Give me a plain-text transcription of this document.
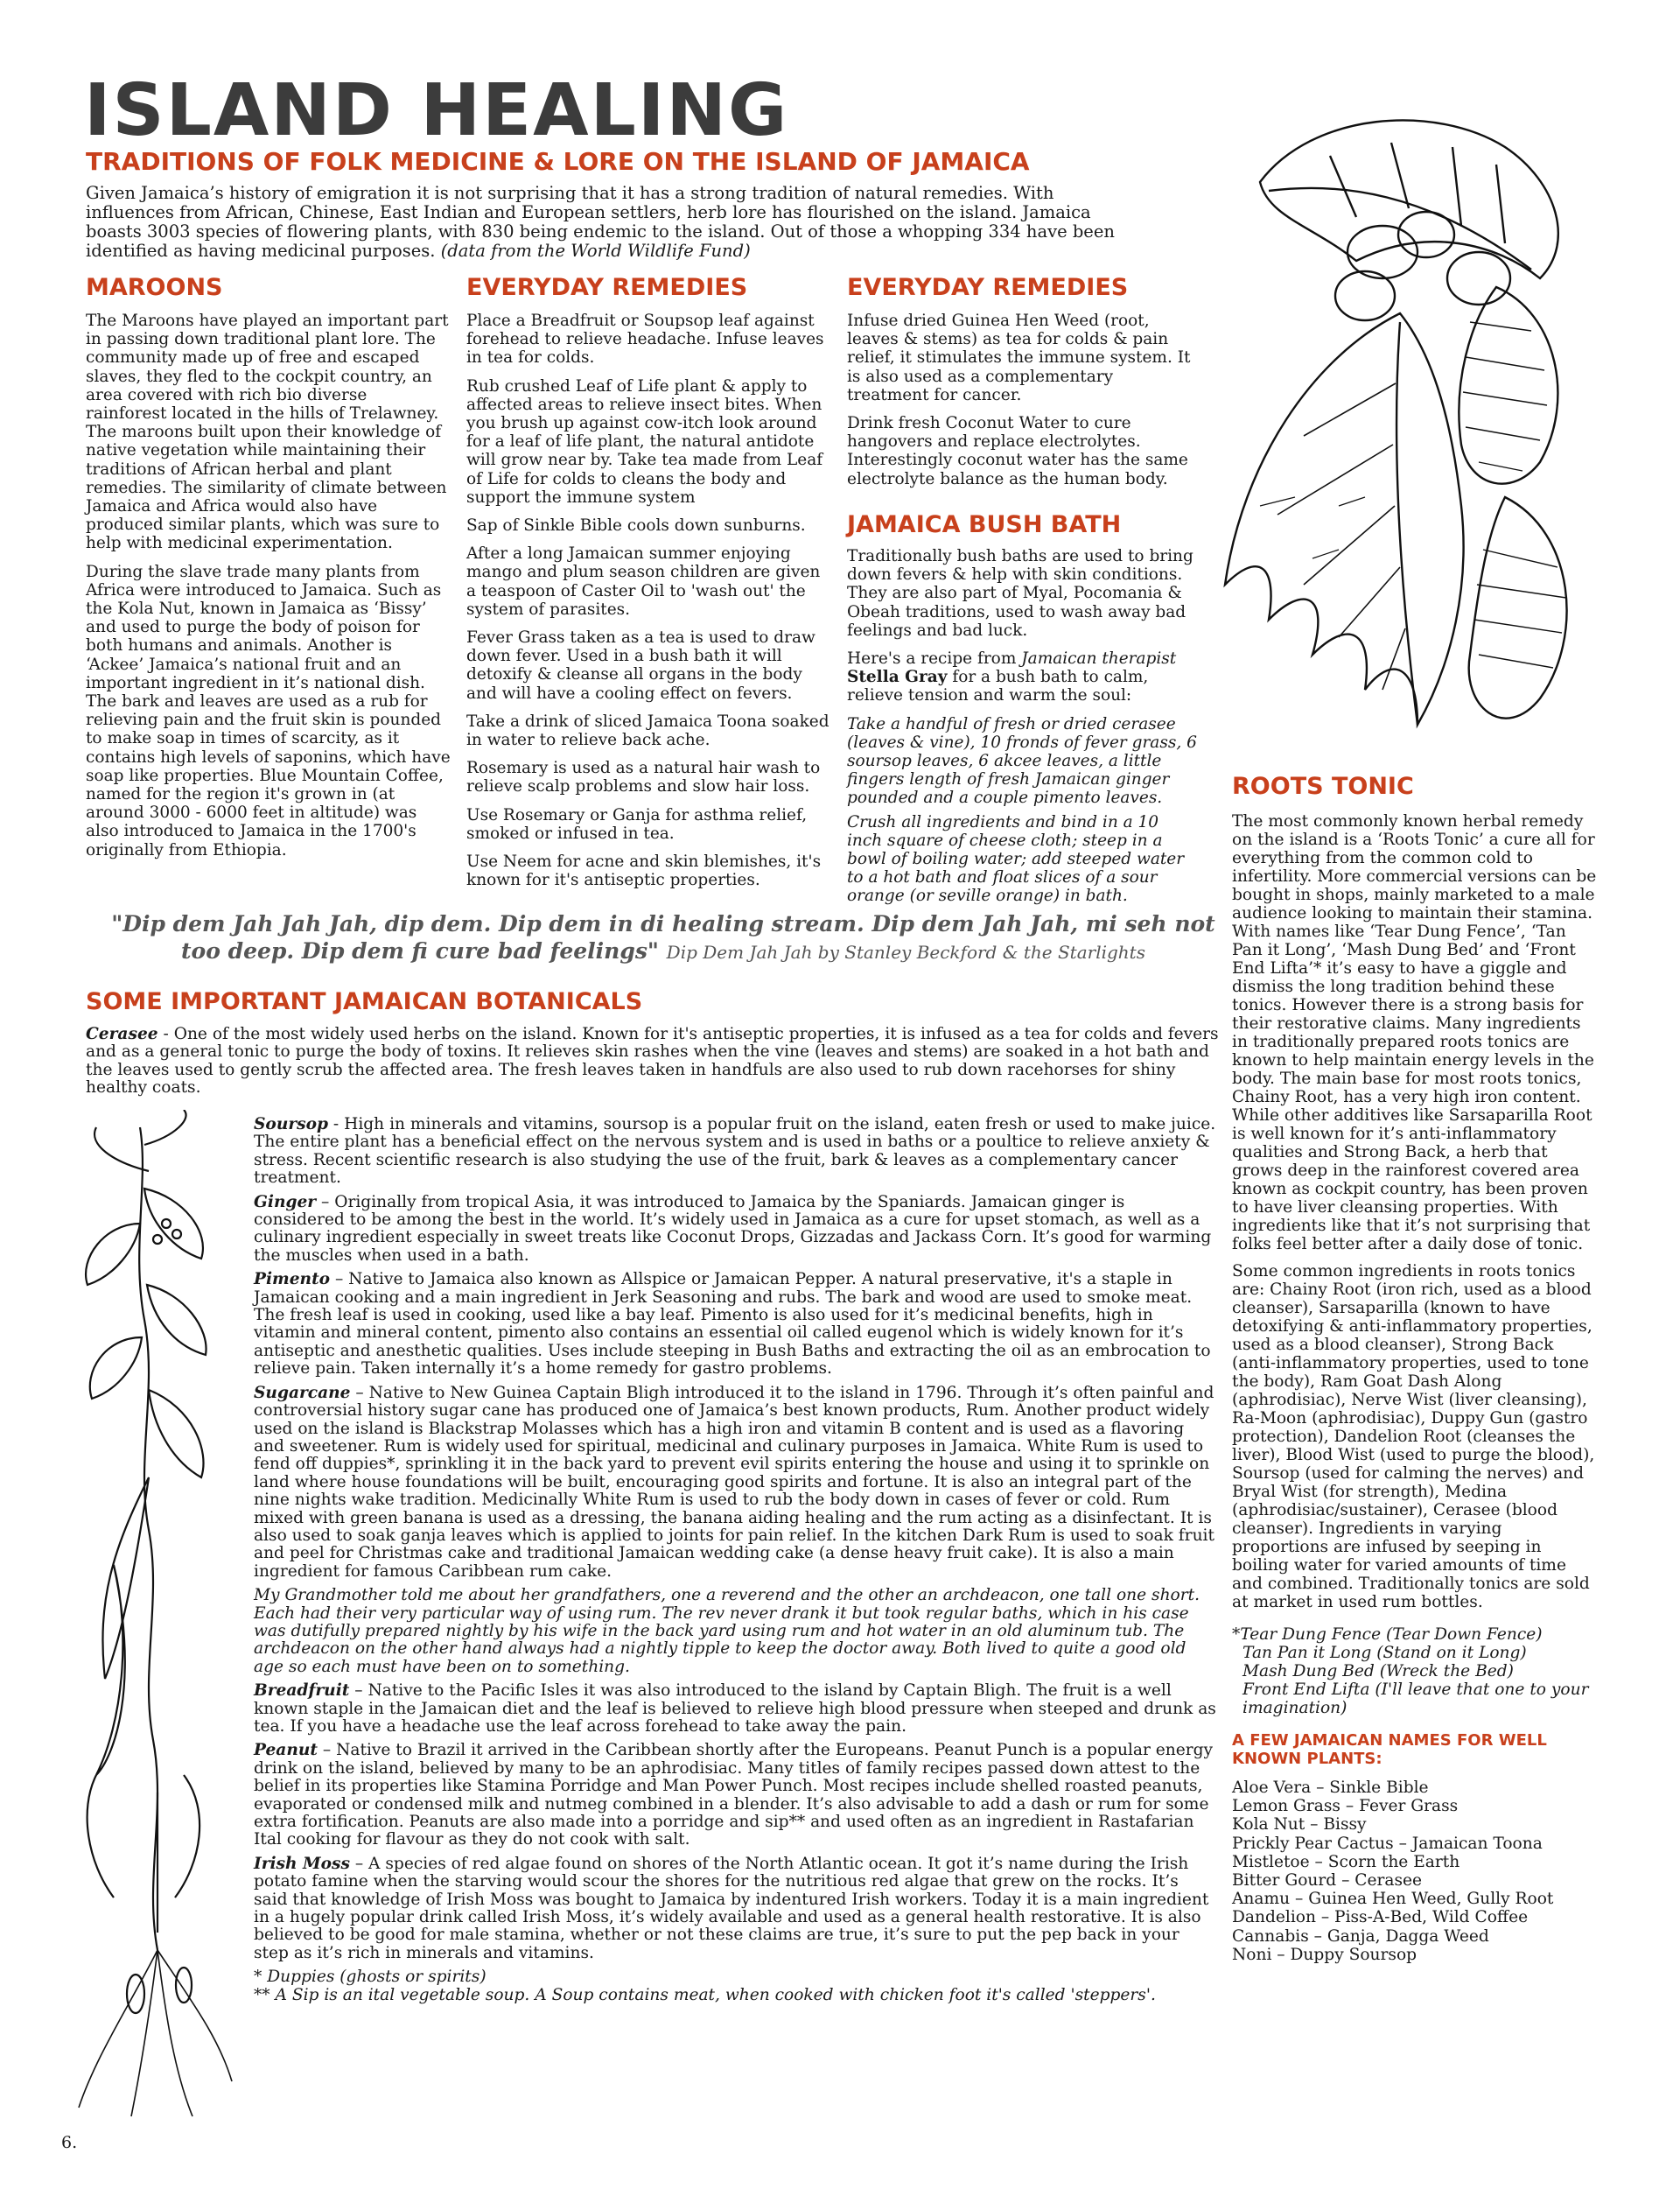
ISLAND HEALING
TRADITIONS OF FOLK MEDICINE & LORE ON THE ISLAND OF JAMAICA
Given Jamaica’s history of emigration it is not surprising that it has a strong tradition of natural remedies. With influences from African, Chinese, East Indian and European settlers, herb lore has flourished on the island. Jamaica boasts 3003 species of flowering plants, with 830 being endemic to the island. Out of those a whopping 334 have been identified as having medicinal purposes. (data from the World Wildlife Fund)
MAROONS

The Maroons have played an important part in passing down traditional plant lore. The community made up of free and escaped slaves, they fled to the cockpit country, an area covered with rich bio diverse rainforest located in the hills of Trelawney. The maroons built upon their knowledge of native vegetation while maintaining their traditions of African herbal and plant remedies. The similarity of climate between Jamaica and Africa would also have produced similar plants, which was sure to help with medicinal experimentation.

During the slave trade many plants from Africa were introduced to Jamaica. Such as the Kola Nut, known in Jamaica as ‘Bissy’ and used to purge the body of poison for both humans and animals. Another is ‘Ackee’ Jamaica’s national fruit and an important ingredient in it’s national dish. The bark and leaves are used as a rub for relieving pain and the fruit skin is pounded to make soap in times of scarcity, as it contains high levels of saponins, which have soap like properties. Blue Mountain Coffee, named for the region it's grown in (at around 3000 - 6000 feet in altitude) was also introduced to Jamaica in the 1700's originally from Ethiopia.

EVERYDAY REMEDIES

Place a Breadfruit or Soupsop leaf against forehead to relieve headache. Infuse leaves in tea for colds.

Rub crushed Leaf of Life plant & apply to affected areas to relieve insect bites. When you brush up against cow-itch look around for a leaf of life plant, the natural antidote will grow near by. Take tea made from Leaf of Life for colds to cleans the body and support the immune system

Sap of Sinkle Bible cools down sunburns.

After a long Jamaican summer enjoying mango and plum season children are given a teaspoon of Caster Oil to 'wash out' the system of parasites.

Fever Grass taken as a tea is used to draw down fever. Used in a bush bath it will detoxify & cleanse all organs in the body and will have a cooling effect on fevers.

Take a drink of sliced Jamaica Toona soaked in water to relieve back ache.

Rosemary is used as a natural hair wash to relieve scalp problems and slow hair loss.

Use Rosemary or Ganja for asthma relief, smoked or infused in tea.

Use Neem for acne and skin blemishes, it's known for it's antiseptic properties.

EVERYDAY REMEDIES

Infuse dried Guinea Hen Weed (root, leaves & stems) as tea for colds & pain relief, it stimulates the immune system. It is also used as a complementary treatment for cancer.

Drink fresh Coconut Water to cure hangovers and replace electrolytes. Interestingly coconut water has the same electrolyte balance as the human body.

JAMAICA BUSH BATH

Traditionally bush baths are used to bring down fevers & help with skin conditions. They are also part of Myal, Pocomania & Obeah traditions, used to wash away bad feelings and bad luck.

Here's a recipe from Jamaican therapist Stella Gray for a bush bath to calm, relieve tension and warm the soul:

Take a handful of fresh or dried cerasee (leaves & vine), 10 fronds of fever grass, 6 soursop leaves, 6 akcee leaves, a little fingers length of fresh Jamaican ginger pounded and a couple pimento leaves.

Crush all ingredients and bind in a 10 inch square of cheese cloth; steep in a bowl of boiling water; add steeped water to a hot bath and float slices of a sour orange (or seville orange) in bath.

"Dip dem Jah Jah Jah, dip dem. Dip dem in di healing stream. Dip dem Jah Jah, mi seh not too deep. Dip dem fi cure bad feelings" Dip Dem Jah Jah by Stanley Beckford & the Starlights
SOME IMPORTANT JAMAICAN BOTANICALS
Cerasee - One of the most widely used herbs on the island. Known for it's antiseptic properties, it is infused as a tea for colds and fevers and as a general tonic to purge the body of toxins. It relieves skin rashes when the vine (leaves and stems) are soaked in a hot bath and the leaves used to gently scrub the affected area. The fresh leaves taken in handfuls are also used to rub down racehorses for shiny healthy coats.

Soursop - High in minerals and vitamins, soursop is a popular fruit on the island, eaten fresh or used to make juice. The entire plant has a beneficial effect on the nervous system and is used in baths or a poultice to relieve anxiety & stress. Recent scientific research is also studying the use of the fruit, bark & leaves as a complementary cancer treatment.

Ginger – Originally from tropical Asia, it was introduced to Jamaica by the Spaniards. Jamaican ginger is considered to be among the best in the world. It’s widely used in Jamaica as a cure for upset stomach, as well as a culinary ingredient especially in sweet treats like Coconut Drops, Gizzadas and Jackass Corn. It’s good for warming the muscles when used in a bath.

Pimento – Native to Jamaica also known as Allspice or Jamaican Pepper. A natural preservative, it's a staple in Jamaican cooking and a main ingredient in Jerk Seasoning and rubs. The bark and wood are used to smoke meat. The fresh leaf is used in cooking, used like a bay leaf. Pimento is also used for it’s medicinal benefits, high in vitamin and mineral content, pimento also contains an essential oil called eugenol which is widely known for it’s antiseptic and anesthetic qualities. Uses include steeping in Bush Baths and extracting the oil as an embrocation to relieve pain. Taken internally it’s a home remedy for gastro problems.

Sugarcane – Native to New Guinea Captain Bligh introduced it to the island in 1796. Through it’s often painful and controversial history sugar cane has produced one of Jamaica’s best known products, Rum. Another product widely used on the island is Blackstrap Molasses which has a high iron and vitamin B content and is used as a flavoring and sweetener. Rum is widely used for spiritual, medicinal and culinary purposes in Jamaica. White Rum is used to fend off duppies*, sprinkling it in the back yard to prevent evil spirits entering the house and using it to sprinkle on land where house foundations will be built, encouraging good spirits and fortune. It is also an integral part of the nine nights wake tradition. Medicinally White Rum is used to rub the body down in cases of fever or cold. Rum mixed with green banana is used as a dressing, the banana aiding healing and the rum acting as a disinfectant. It is also used to soak ganja leaves which is applied to joints for pain relief. In the kitchen Dark Rum is used to soak fruit and peel for Christmas cake and traditional Jamaican wedding cake (a dense heavy fruit cake). It is also a main ingredient for famous Caribbean rum cake.

My Grandmother told me about her grandfathers, one a reverend and the other an archdeacon, one tall one short. Each had their very particular way of using rum. The rev never drank it but took regular baths, which in his case was dutifully prepared nightly by his wife in the back yard using rum and hot water in an old aluminum tub. The archdeacon on the other hand always had a nightly tipple to keep the doctor away. Both lived to quite a good old age so each must have been on to something.

Breadfruit – Native to the Pacific Isles it was also introduced to the island by Captain Bligh. The fruit is a well known staple in the Jamaican diet and the leaf is believed to relieve high blood pressure when steeped and drunk as tea. If you have a headache use the leaf across forehead to take away the pain.

Peanut – Native to Brazil it arrived in the Caribbean shortly after the Europeans. Peanut Punch is a popular energy drink on the island, believed by many to be an aphrodisiac. Many titles of family recipes passed down attest to the belief in its properties like Stamina Porridge and Man Power Punch. Most recipes include shelled roasted peanuts, evaporated or condensed milk and nutmeg combined in a blender. It’s also advisable to add a dash or rum for some extra fortification. Peanuts are also made into a porridge and sip** and used often as an ingredient in Rastafarian Ital cooking for flavour as they do not cook with salt.

Irish Moss – A species of red algae found on shores of the North Atlantic ocean. It got it’s name during the Irish potato famine when the starving would scour the shores for the nutritious red algae that grew on the rocks. It’s said that knowledge of Irish Moss was bought to Jamaica by indentured Irish workers. Today it is a main ingredient in a hugely popular drink called Irish Moss, it’s widely available and used as a general health restorative. It is also believed to be good for male stamina, whether or not these claims are true, it’s sure to put the pep back in your step as it’s rich in minerals and vitamins.

* Duppies (ghosts or spirits)
** A Sip is an ital vegetable soup. A Soup contains meat, when cooked with chicken foot it's called 'steppers'.
ROOTS TONIC

The most commonly known herbal remedy on the island is a ‘Roots Tonic’ a cure all for everything from the common cold to infertility. More commercial versions can be bought in shops, mainly marketed to a male audience looking to maintain their stamina. With names like ‘Tear Dung Fence’, ‘Tan Pan it Long’, ‘Mash Dung Bed’ and ‘Front End Lifta’* it’s easy to have a giggle and dismiss the long tradition behind these tonics. However there is a strong basis for their restorative claims. Many ingredients in traditionally prepared roots tonics are known to help maintain energy levels in the body. The main base for most roots tonics, Chainy Root, has a very high iron content. While other additives like Sarsaparilla Root is well known for it’s anti-inflammatory qualities and Strong Back, a herb that grows deep in the rainforest covered area known as cockpit country, has been proven to have liver cleansing properties. With ingredients like that it’s not surprising that folks feel better after a daily dose of tonic.

Some common ingredients in roots tonics are: Chainy Root (iron rich, used as a blood cleanser), Sarsaparilla (known to have detoxifying & anti-inflammatory properties, used as a blood cleanser), Strong Back (anti-inflammatory properties, used to tone the body), Ram Goat Dash Along (aphrodisiac), Nerve Wist (liver cleansing), Ra-Moon (aphrodisiac), Duppy Gun (gastro protection), Dandelion Root (cleanses the liver), Blood Wist (used to purge the blood), Soursop (used for calming the nerves) and Bryal Wist (for strength), Medina (aphrodisiac/sustainer), Cerasee (blood cleanser). Ingredients in varying proportions are infused by seeping in boiling water for varied amounts of time and combined. Traditionally tonics are sold at market in used rum bottles.

*Tear Dung Fence (Tear Down Fence)
Tan Pan it Long (Stand on it Long)
Mash Dung Bed (Wreck the Bed)
Front End Lifta (I'll leave that one to your imagination)
A FEW JAMAICAN NAMES FOR WELL KNOWN PLANTS:
Aloe Vera – Sinkle Bible
Lemon Grass – Fever Grass
Kola Nut – Bissy
Prickly Pear Cactus – Jamaican Toona
Mistletoe – Scorn the Earth
Bitter Gourd – Cerasee
Anamu – Guinea Hen Weed, Gully Root
Dandelion – Piss-A-Bed, Wild Coffee
Cannabis – Ganja, Dagga Weed
Noni – Duppy Soursop
6.
